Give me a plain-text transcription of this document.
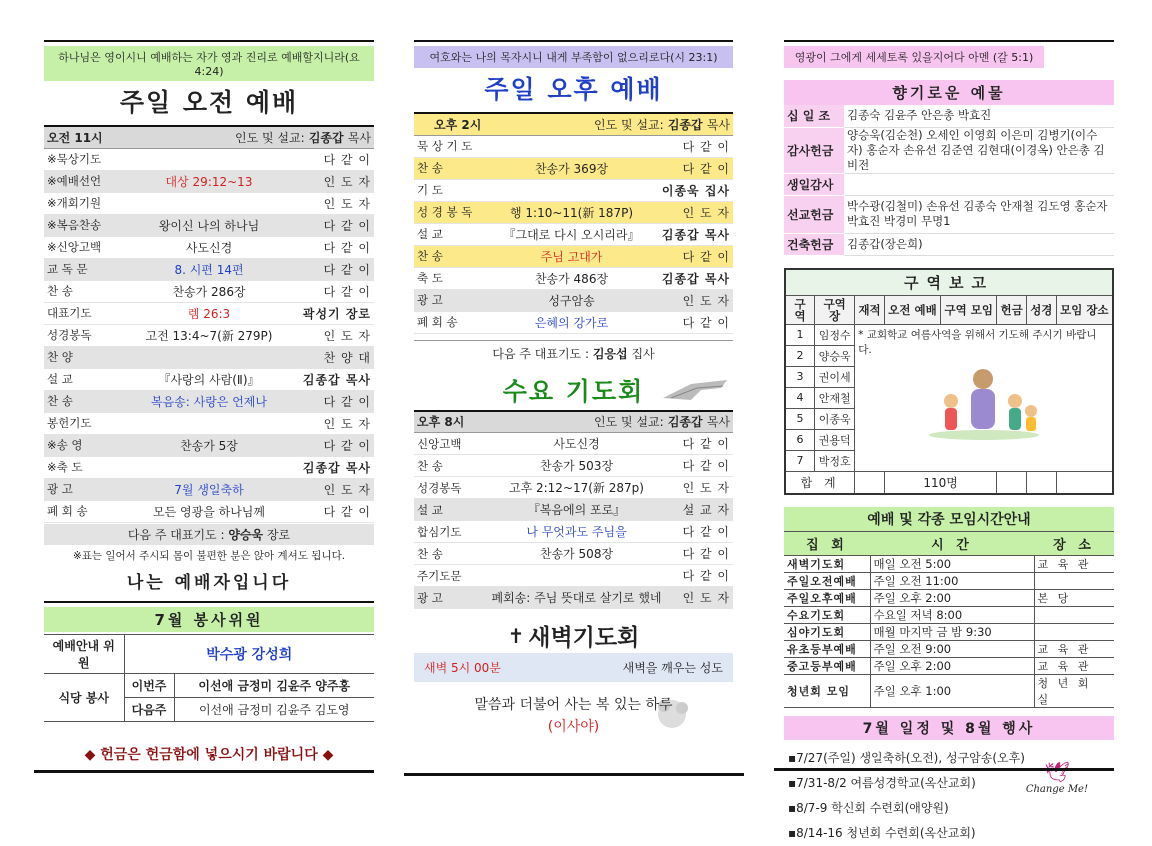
하나님은 영이시니 예배하는 자가 영과 진리로 예배할지니라(요4:24)
주일 오전 예배
오전 11시	인도 및 설교: 김종갑 목사	
※묵상기도		다 같 이
※예배선언	대상 29:12~13	인 도 자
※개회기원		인 도 자
※복음찬송	왕이신 나의 하나님	다 같 이
※신앙고백	사도신경	다 같 이
교 독 문	8. 시편 14편	다 같 이
찬 송	찬송가 286장	다 같 이
대표기도	렘 26:3	곽성기 장로
성경봉독	고전 13:4~7(新 279P)	인 도 자
찬 양		찬 양 대
설 교	『사랑의 사람(Ⅱ)』	김종갑 목사
찬 송	복음송: 사랑은 언제나	다 같 이
봉헌기도		인 도 자
※송 영	찬송가 5장	다 같 이
※축 도		김종갑 목사
광 고	7월 생일축하	인 도 자
폐 회 송	모든 영광을 하나님께	다 같 이
다음 주 대표기도 : 양승욱 장로
※표는 일어서 주시되 몸이 불편한 분은 앉아 계셔도 됩니다.
나는 예배자입니다
7월 봉사위원
예배안내 위원	박수광 강성희	
식당 봉사	이번주	이선애 금정미 김윤주 양주홍
	다음주	이선애 금정미 김윤주 김도영
◆ 헌금은 헌금함에 넣으시기 바랍니다 ◆
여호와는 나의 목자시니 내게 부족함이 없으리로다(시 23:1)
주일 오후 예배
오후 2시	인도 및 설교: 김종갑 목사	
묵 상 기 도		다 같 이
찬 송	찬송가 369장	다 같 이
기 도		이종욱 집사
성 경 봉 독	행 1:10~11(新 187P)	인 도 자
설 교	『그대로 다시 오시리라』	김종갑 목사
찬 송	주님 고대가	다 같 이
축 도	찬송가 486장	김종갑 목사
광 고	성구암송	인 도 자
폐 회 송	은혜의 강가로	다 같 이
다음 주 대표기도 : 김응섭 집사
수요 기도회
오후 8시	인도 및 설교: 김종갑 목사	
신앙고백	사도신경	다 같 이
찬 송	찬송가 503장	다 같 이
성경봉독	고후 2:12~17(新 287p)	인 도 자
설 교	『복음에의 포로』	설 교 자
합심기도	나 무엇과도 주님을	다 같 이
찬 송	찬송가 508장	다 같 이
주기도문		다 같 이
광 고	폐회송: 주님 뜻대로 살기로 했네	인 도 자
✝ 새벽기도회
새벽 5시 00분	새벽을 깨우는 성도
말씀과 더불어 사는 복 있는 하루
(이사야)
영광이 그에게 세세토록 있을지어다 아멘 (갈 5:1)
향기로운 예물
십 일 조	김종숙 김윤주 안은총 박효진
감사헌금	양승욱(김순천) 오세인 이영희 이은미 김병기(이수자) 홍순자 손유선 김준연 김현대(이경옥) 안은총 김비전
생일감사	
선교헌금	박수광(김철미) 손유선 김종숙 안재철 김도영 홍순자 박효진 박경미 무명1
건축헌금	김종갑(장은희)
구역보고							
구역	구역장	재적	오전 예배	구역 모임	헌금	성경	모임 장소
1	임정수	* 교회학교 여름사역을 위해서 기도해 주시기 바랍니다.					

2	양승욱						
3	권이세						
4	안재철						
5	이종욱						
6	권용덕						
7	박정호						
합 계			110명				
예배 및 각종 모임시간안내		
집 회	시 간	장 소
새벽기도회	매일 오전 5:00	교 육 관
주일오전예배	주일 오전 11:00	
주일오후예배	주일 오후 2:00	본 당
수요기도회	수요일 저녁 8:00	
심야기도회	매월 마지막 금 밤 9:30	
유초등부예배	주일 오전 9:00	교 육 관
중고등부예배	주일 오후 2:00	교 육 관
청년회 모임	주일 오후 1:00	청 년 회 실
7월 일정 및 8월 행사
▪7/27(주일) 생일축하(오전), 성구암송(오후)
▪7/31-8/2 여름성경학교(옥산교회)
▪8/7-9 학신회 수련회(애양원)
▪8/14-16 청년회 수련회(옥산교회)
🕊
Change Me!
